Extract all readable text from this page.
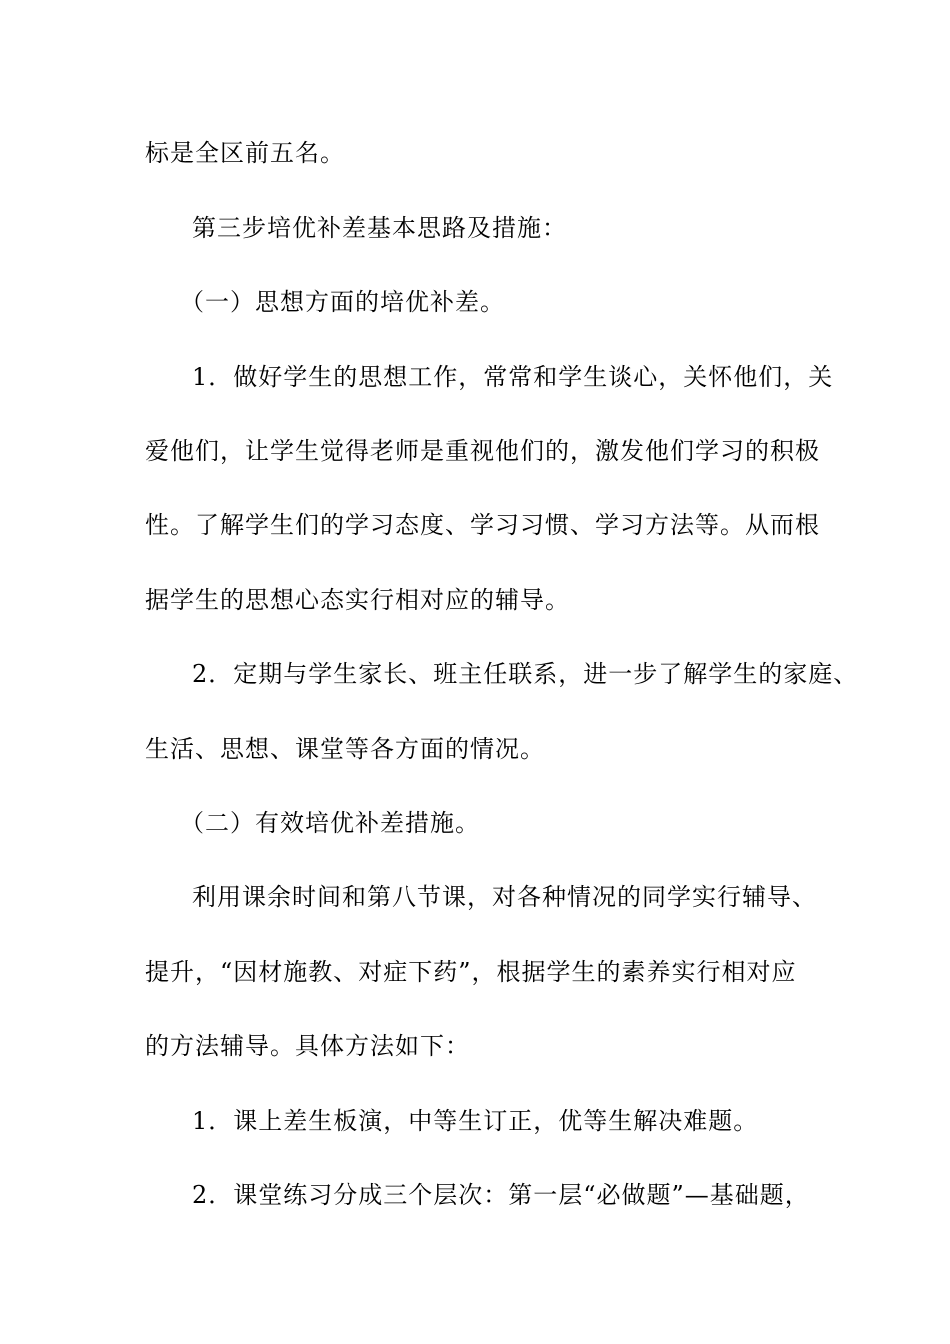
标是全区前五名。
第三步培优补差基本思路及措施：
（一）思想方面的培优补差。
1．做好学生的思想工作，常常和学生谈心，关怀他们，关
爱他们，让学生觉得老师是重视他们的，激发他们学习的积极
性。了解学生们的学习态度、学习习惯、学习方法等。从而根
据学生的思想心态实行相对应的辅导。
2．定期与学生家长、班主任联系，进一步了解学生的家庭、
生活、思想、课堂等各方面的情况。
（二）有效培优补差措施。
利用课余时间和第八节课，对各种情况的同学实行辅导、
提升，“因材施教、对症下药”，根据学生的素养实行相对应
的方法辅导。具体方法如下：
1．课上差生板演，中等生订正，优等生解决难题。
2．课堂练习分成三个层次：第一层“必做题”—基础题，
